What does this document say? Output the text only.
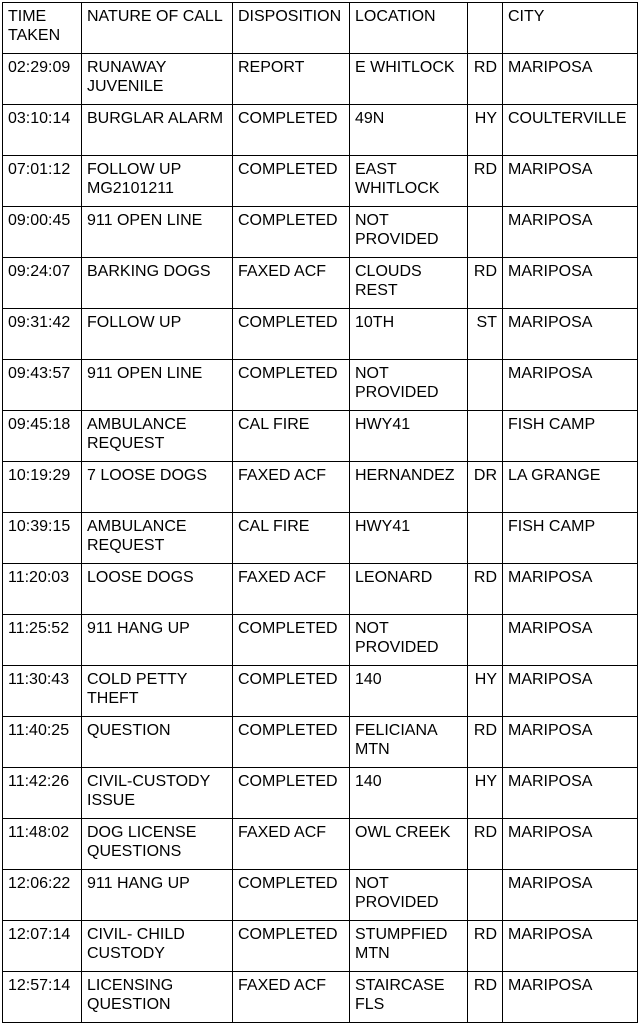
TIME TAKEN	NATURE OF CALL	DISPOSITION	LOCATION		CITY
02:29:09	RUNAWAY JUVENILE	REPORT	E WHITLOCK	RD	MARIPOSA
03:10:14	BURGLAR ALARM	COMPLETED	49N	HY	COULTERVILLE
07:01:12	FOLLOW UP MG2101211	COMPLETED	EAST WHITLOCK	RD	MARIPOSA
09:00:45	911 OPEN LINE	COMPLETED	NOT PROVIDED		MARIPOSA
09:24:07	BARKING DOGS	FAXED ACF	CLOUDS REST	RD	MARIPOSA
09:31:42	FOLLOW UP	COMPLETED	10TH	ST	MARIPOSA
09:43:57	911 OPEN LINE	COMPLETED	NOT PROVIDED		MARIPOSA
09:45:18	AMBULANCE REQUEST	CAL FIRE	HWY41		FISH CAMP
10:19:29	7 LOOSE DOGS	FAXED ACF	HERNANDEZ	DR	LA GRANGE
10:39:15	AMBULANCE REQUEST	CAL FIRE	HWY41		FISH CAMP
11:20:03	LOOSE DOGS	FAXED ACF	LEONARD	RD	MARIPOSA
11:25:52	911 HANG UP	COMPLETED	NOT PROVIDED		MARIPOSA
11:30:43	COLD PETTY THEFT	COMPLETED	140	HY	MARIPOSA
11:40:25	QUESTION	COMPLETED	FELICIANA MTN	RD	MARIPOSA
11:42:26	CIVIL-CUSTODY ISSUE	COMPLETED	140	HY	MARIPOSA
11:48:02	DOG LICENSE QUESTIONS	FAXED ACF	OWL CREEK	RD	MARIPOSA
12:06:22	911 HANG UP	COMPLETED	NOT PROVIDED		MARIPOSA
12:07:14	CIVIL- CHILD CUSTODY	COMPLETED	STUMPFIED MTN	RD	MARIPOSA
12:57:14	LICENSING QUESTION	FAXED ACF	STAIRCASE FLS	RD	MARIPOSA
